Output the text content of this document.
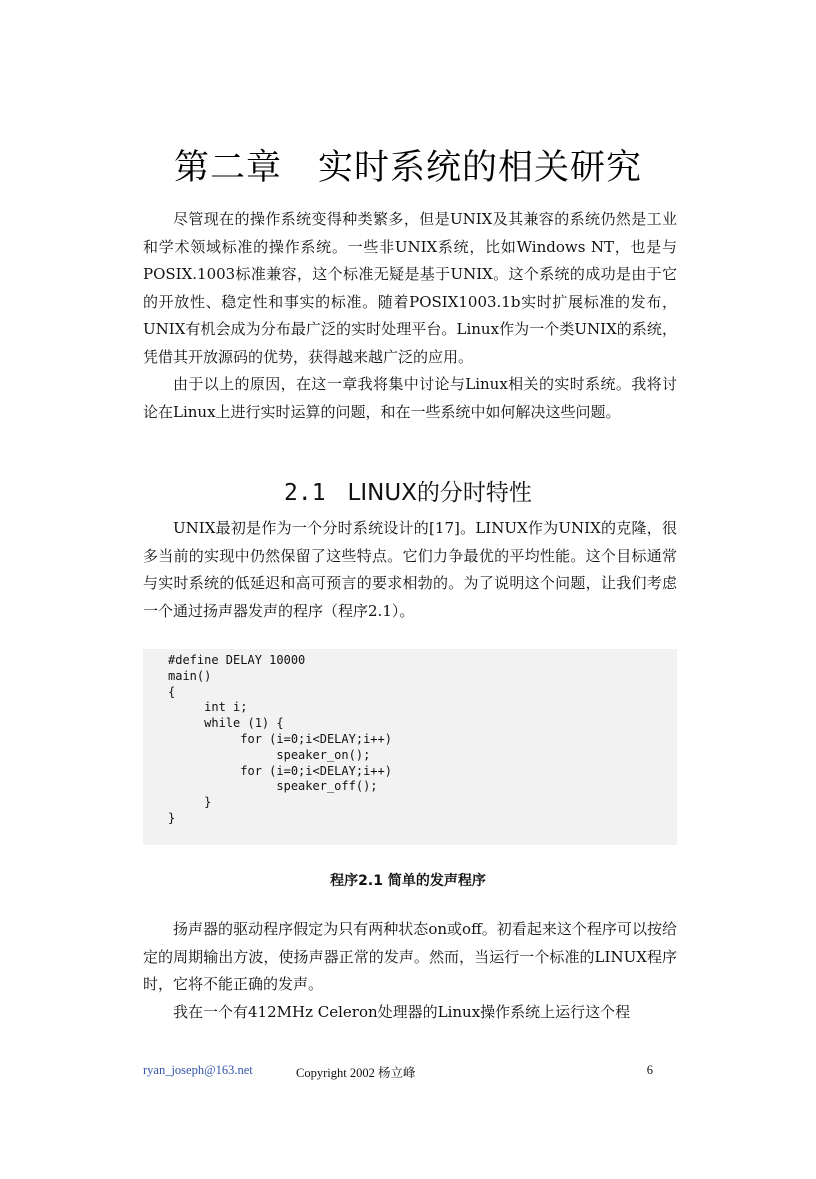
第二章 实时系统的相关研究

尽管现在的操作系统变得种类繁多，但是UNIX及其兼容的系统仍然是工业和学术领域标准的操作系统。一些非UNIX系统，比如Windows NT，也是与POSIX.1003标准兼容，这个标准无疑是基于UNIX。这个系统的成功是由于它的开放性、稳定性和事实的标准。随着POSIX1003.1b实时扩展标准的发布，UNIX有机会成为分布最广泛的实时处理平台。Linux作为一个类UNIX的系统，凭借其开放源码的优势，获得越来越广泛的应用。

由于以上的原因，在这一章我将集中讨论与Linux相关的实时系统。我将讨论在Linux上进行实时运算的问题，和在一些系统中如何解决这些问题。

2.1 LINUX的分时特性

UNIX最初是作为一个分时系统设计的[17]。LINUX作为UNIX的克隆，很多当前的实现中仍然保留了这些特点。它们力争最优的平均性能。这个目标通常与实时系统的低延迟和高可预言的要求相勃的。为了说明这个问题，让我们考虑一个通过扬声器发声的程序（程序2.1）。

#define DELAY 10000
main()
{
int i;
while (1) {
for (i=0;i<DELAY;i++)
speaker_on();
for (i=0;i<DELAY;i++)
speaker_off();
}
}
程序2.1 简单的发声程序

扬声器的驱动程序假定为只有两种状态on或off。初看起来这个程序可以按给定的周期输出方波，使扬声器正常的发声。然而，当运行一个标准的LINUX程序时，它将不能正确的发声。

我在一个有412MHz Celeron处理器的Linux操作系统上运行这个程

ryan_joseph@163.net	Copyright 2002 杨立峰	6
